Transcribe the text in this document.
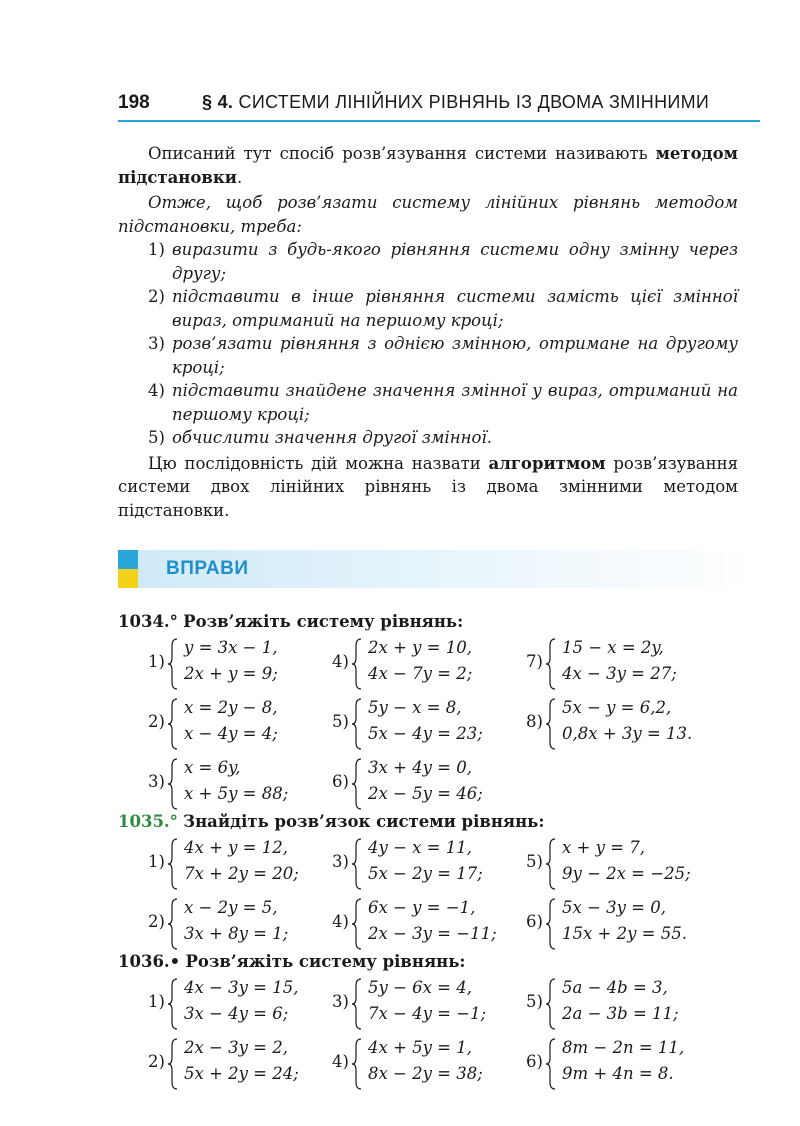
198	§ 4. СИСТЕМИ ЛІНІЙНИХ РІВНЯНЬ ІЗ ДВОМА ЗМІННИМИ

Описаний тут спосіб розв’язування системи називають методом підстановки.

Отже, щоб розв’язати систему лінійних рівнянь методом підстановки, треба:

1) виразити з будь-якого рівняння системи одну змінну через другу;
2) підставити в інше рівняння системи замість цієї змінної вираз, отриманий на першому кроці;
3) розв’язати рівняння з однією змінною, отримане на другому кроці;
4) підставити знайдене значення змінної у вираз, отриманий на першому кроці;
5) обчислити значення другої змінної.

Цю послідовність дій можна назвати алгоритмом розв’язування системи двох лінійних рівнянь із двома змінними методом підстановки.

ВПРАВИ
1034.° Розв’яжіть систему рівнянь:
1)
y = 3x − 1,
2x + y = 9;
2)
x = 2y − 8,
x − 4y = 4;
3)
x = 6y,
x + 5y = 88;
4)
2x + y = 10,
4x − 7y = 2;
5)
5y − x = 8,
5x − 4y = 23;
6)
3x + 4y = 0,
2x − 5y = 46;
7)
15 − x = 2y,
4x − 3y = 27;
8)
5x − y = 6,2,
0,8x + 3y = 13.
1035.° Знайдіть розв’язок системи рівнянь:
1)
4x + y = 12,
7x + 2y = 20;
2)
x − 2y = 5,
3x + 8y = 1;
3)
4y − x = 11,
5x − 2y = 17;
4)
6x − y = −1,
2x − 3y = −11;
5)
x + y = 7,
9y − 2x = −25;
6)
5x − 3y = 0,
15x + 2y = 55.
1036.• Розв’яжіть систему рівнянь:
1)
4x − 3y = 15,
3x − 4y = 6;
2)
2x − 3y = 2,
5x + 2y = 24;
3)
5y − 6x = 4,
7x − 4y = −1;
4)
4x + 5y = 1,
8x − 2y = 38;
5)
5a − 4b = 3,
2a − 3b = 11;
6)
8m − 2n = 11,
9m + 4n = 8.
